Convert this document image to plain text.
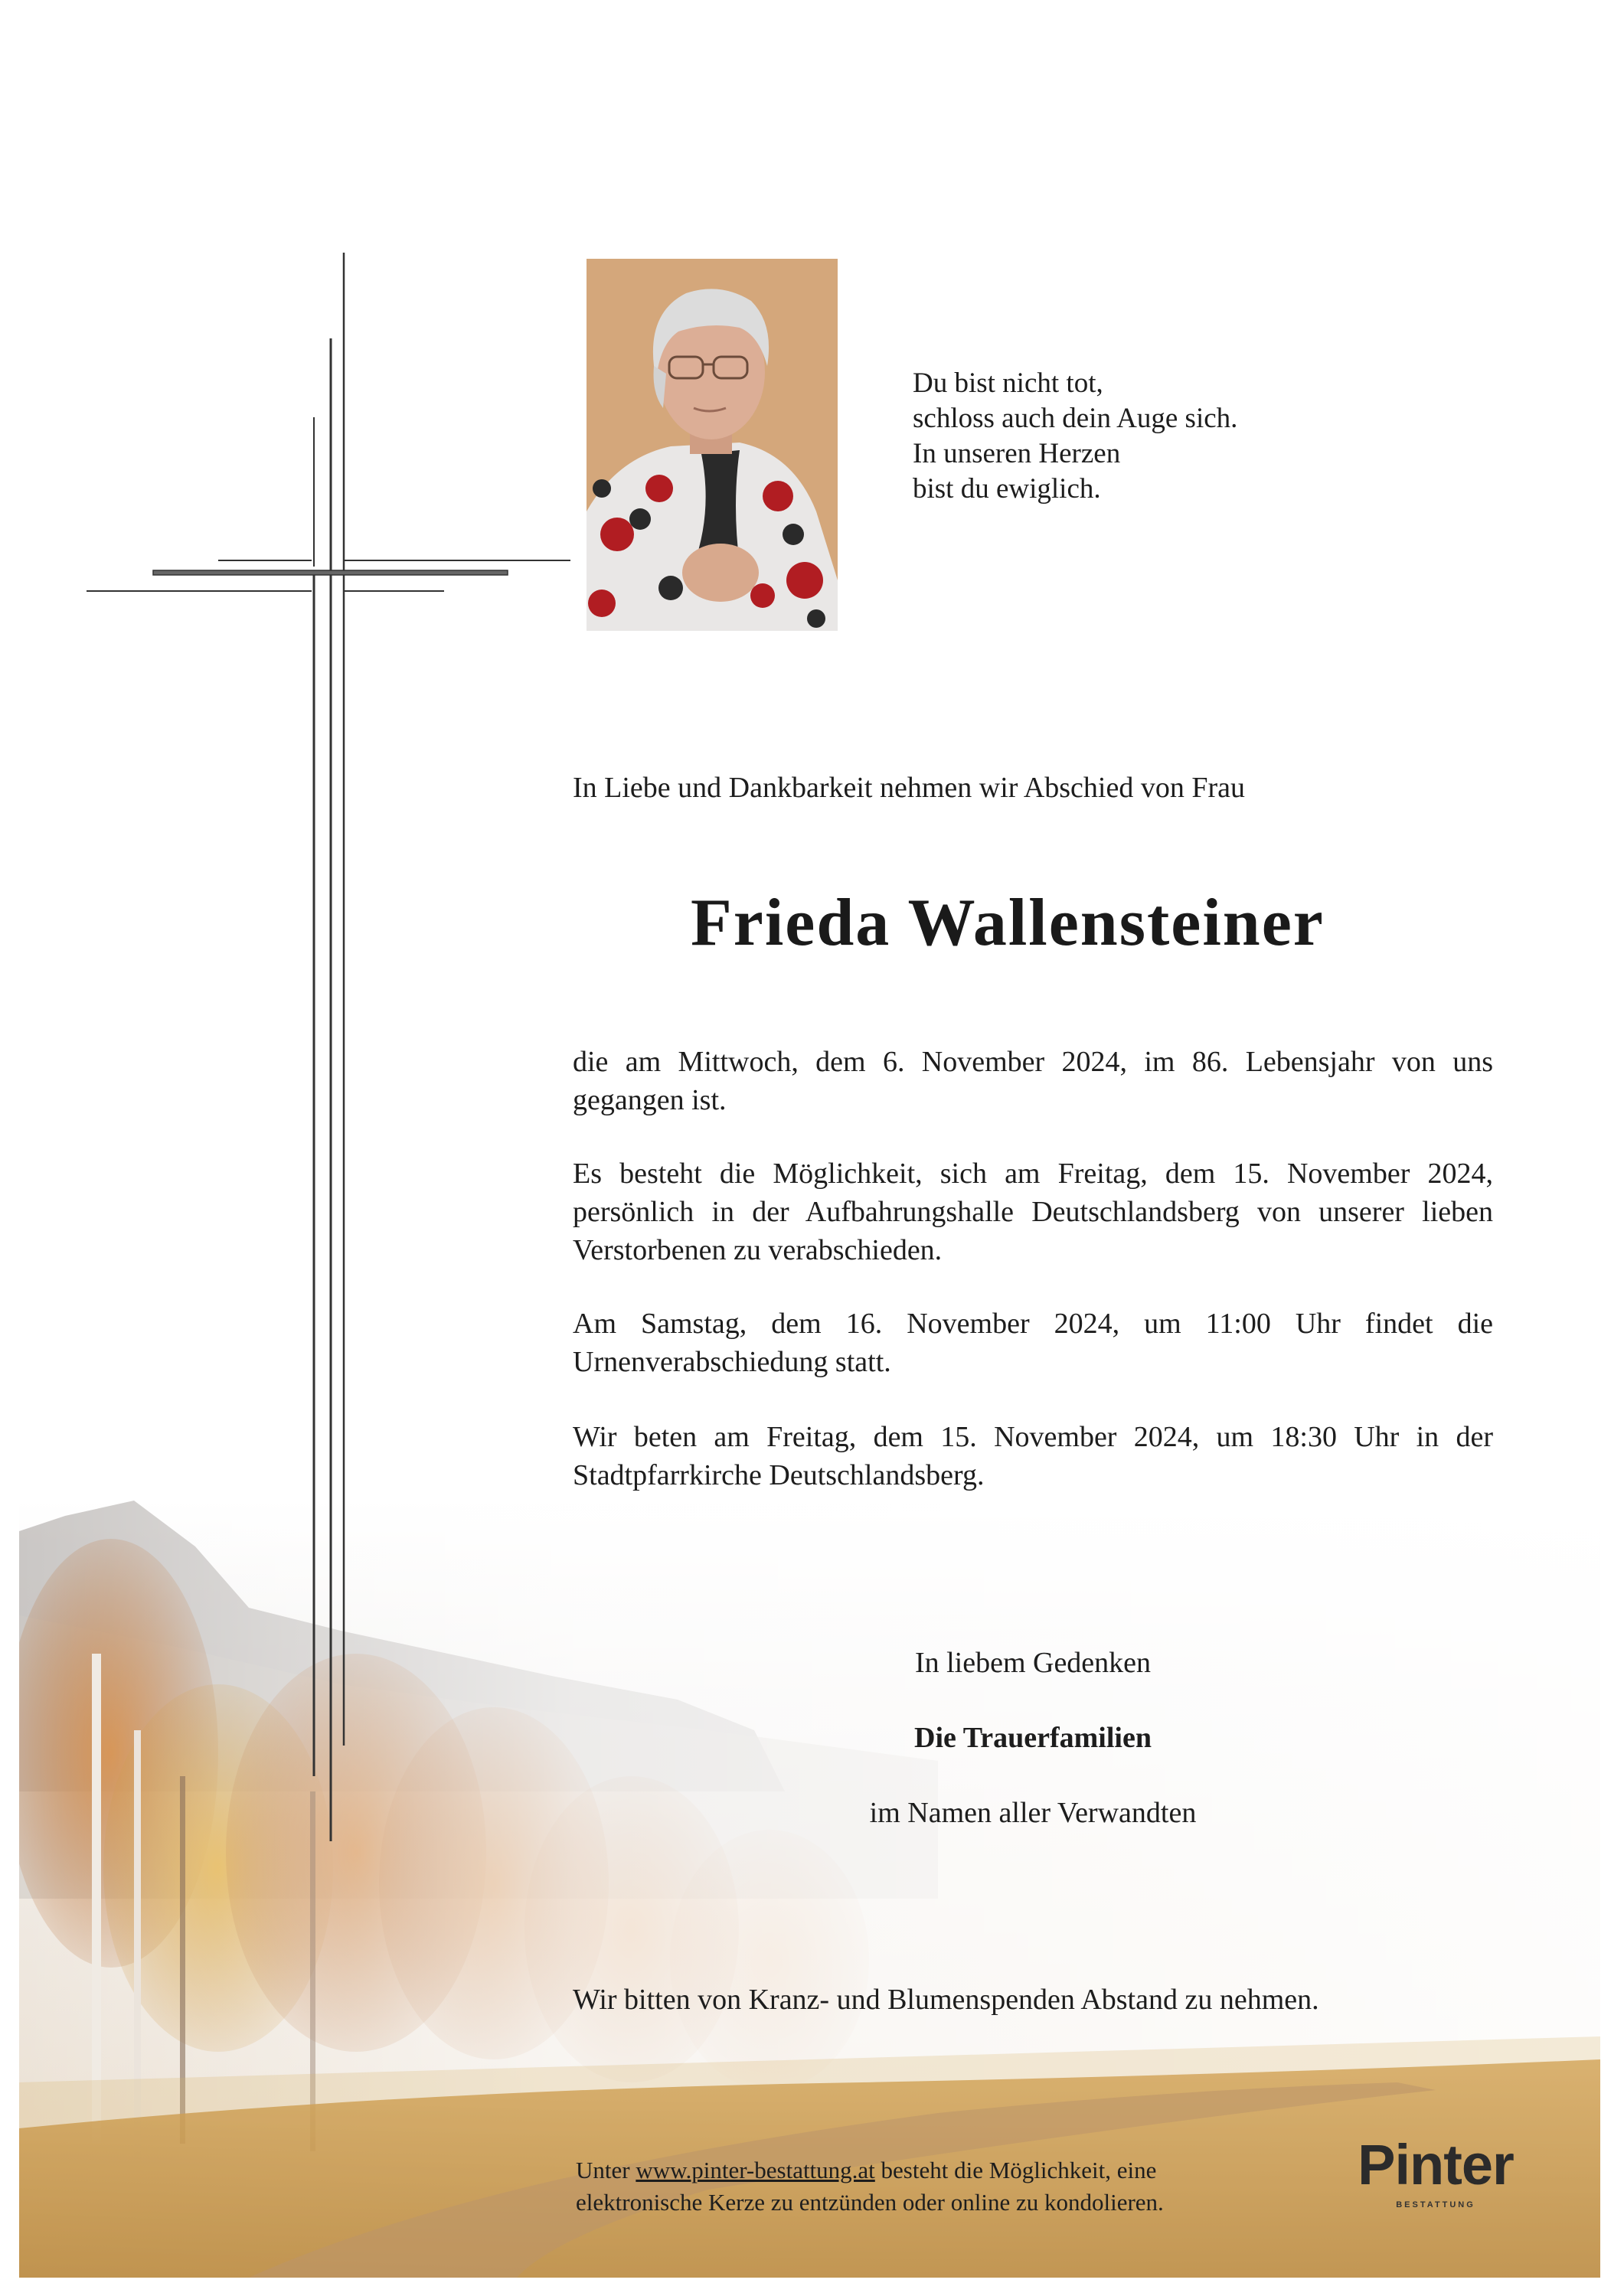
Du bist nicht tot,
schloss auch dein Auge sich.
In unseren Herzen
bist du ewiglich.
In Liebe und Dankbarkeit nehmen wir Abschied von Frau
Frieda Wallensteiner
die am Mittwoch, dem 6. November 2024, im 86. Lebensjahr von uns gegangen ist.
Es besteht die Möglichkeit, sich am Freitag, dem 15. November 2024, persönlich in der Aufbahrungshalle Deutschlandsberg von unserer lieben Verstorbenen zu verabschieden.
Am Samstag, dem 16. November 2024, um 11:00 Uhr findet die Urnenverabschiedung statt.
Wir beten am Freitag, dem 15. November 2024, um 18:30 Uhr in der Stadtpfarrkirche Deutschlandsberg.
In liebem Gedenken
Die Trauerfamilien
im Namen aller Verwandten
Wir bitten von Kranz- und Blumenspenden Abstand zu nehmen.
Unter www.pinter-bestattung.at besteht die Möglichkeit, eine
elektronische Kerze zu entzünden oder online zu kondolieren.
Pinter
BESTATTUNG
